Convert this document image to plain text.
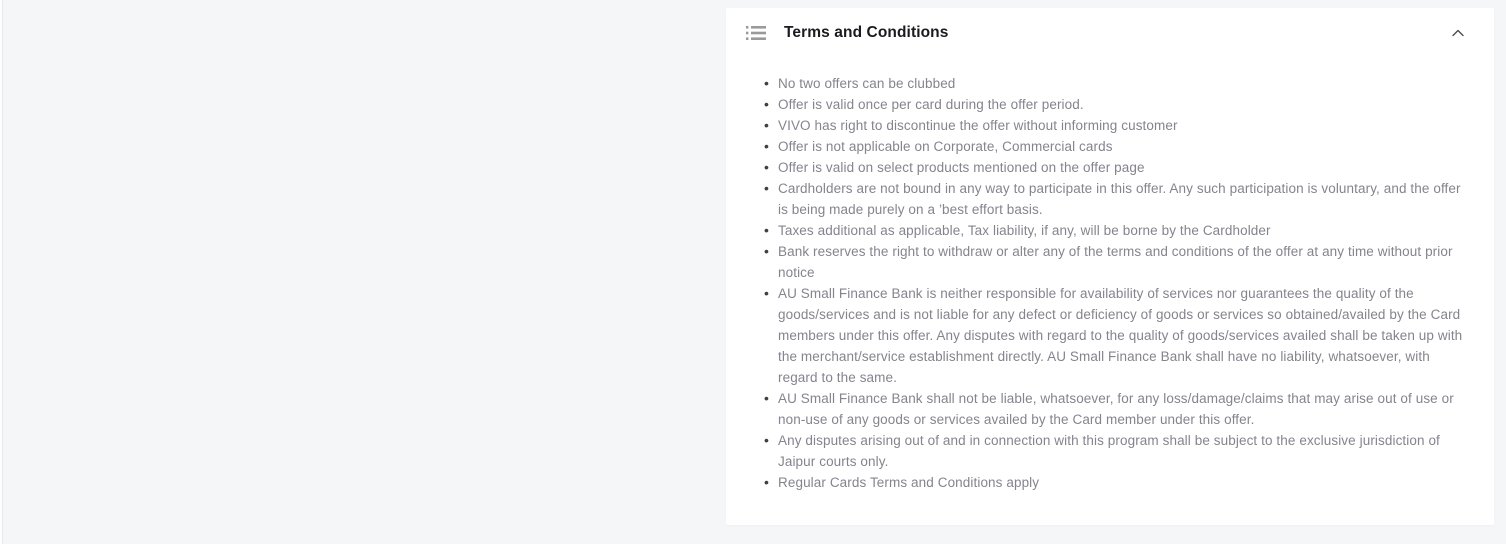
Terms and Conditions
• No two offers can be clubbed
• Offer is valid once per card during the offer period.
• VIVO has right to discontinue the offer without informing customer
• Offer is not applicable on Corporate, Commercial cards
• Offer is valid on select products mentioned on the offer page
• Cardholders are not bound in any way to participate in this offer. Any such participation is voluntary, and the offer is being made purely on a ’best effort basis.
• Taxes additional as applicable, Tax liability, if any, will be borne by the Cardholder
• Bank reserves the right to withdraw or alter any of the terms and conditions of the offer at any time without prior notice
• AU Small Finance Bank is neither responsible for availability of services nor guarantees the quality of the goods/services and is not liable for any defect or deficiency of goods or services so obtained/availed by the Card members under this offer. Any disputes with regard to the quality of goods/services availed shall be taken up with the merchant/service establishment directly. AU Small Finance Bank shall have no liability, whatsoever, with regard to the same.
• AU Small Finance Bank shall not be liable, whatsoever, for any loss/damage/claims that may arise out of use or non-use of any goods or services availed by the Card member under this offer.
• Any disputes arising out of and in connection with this program shall be subject to the exclusive jurisdiction of Jaipur courts only.
• Regular Cards Terms and Conditions apply
